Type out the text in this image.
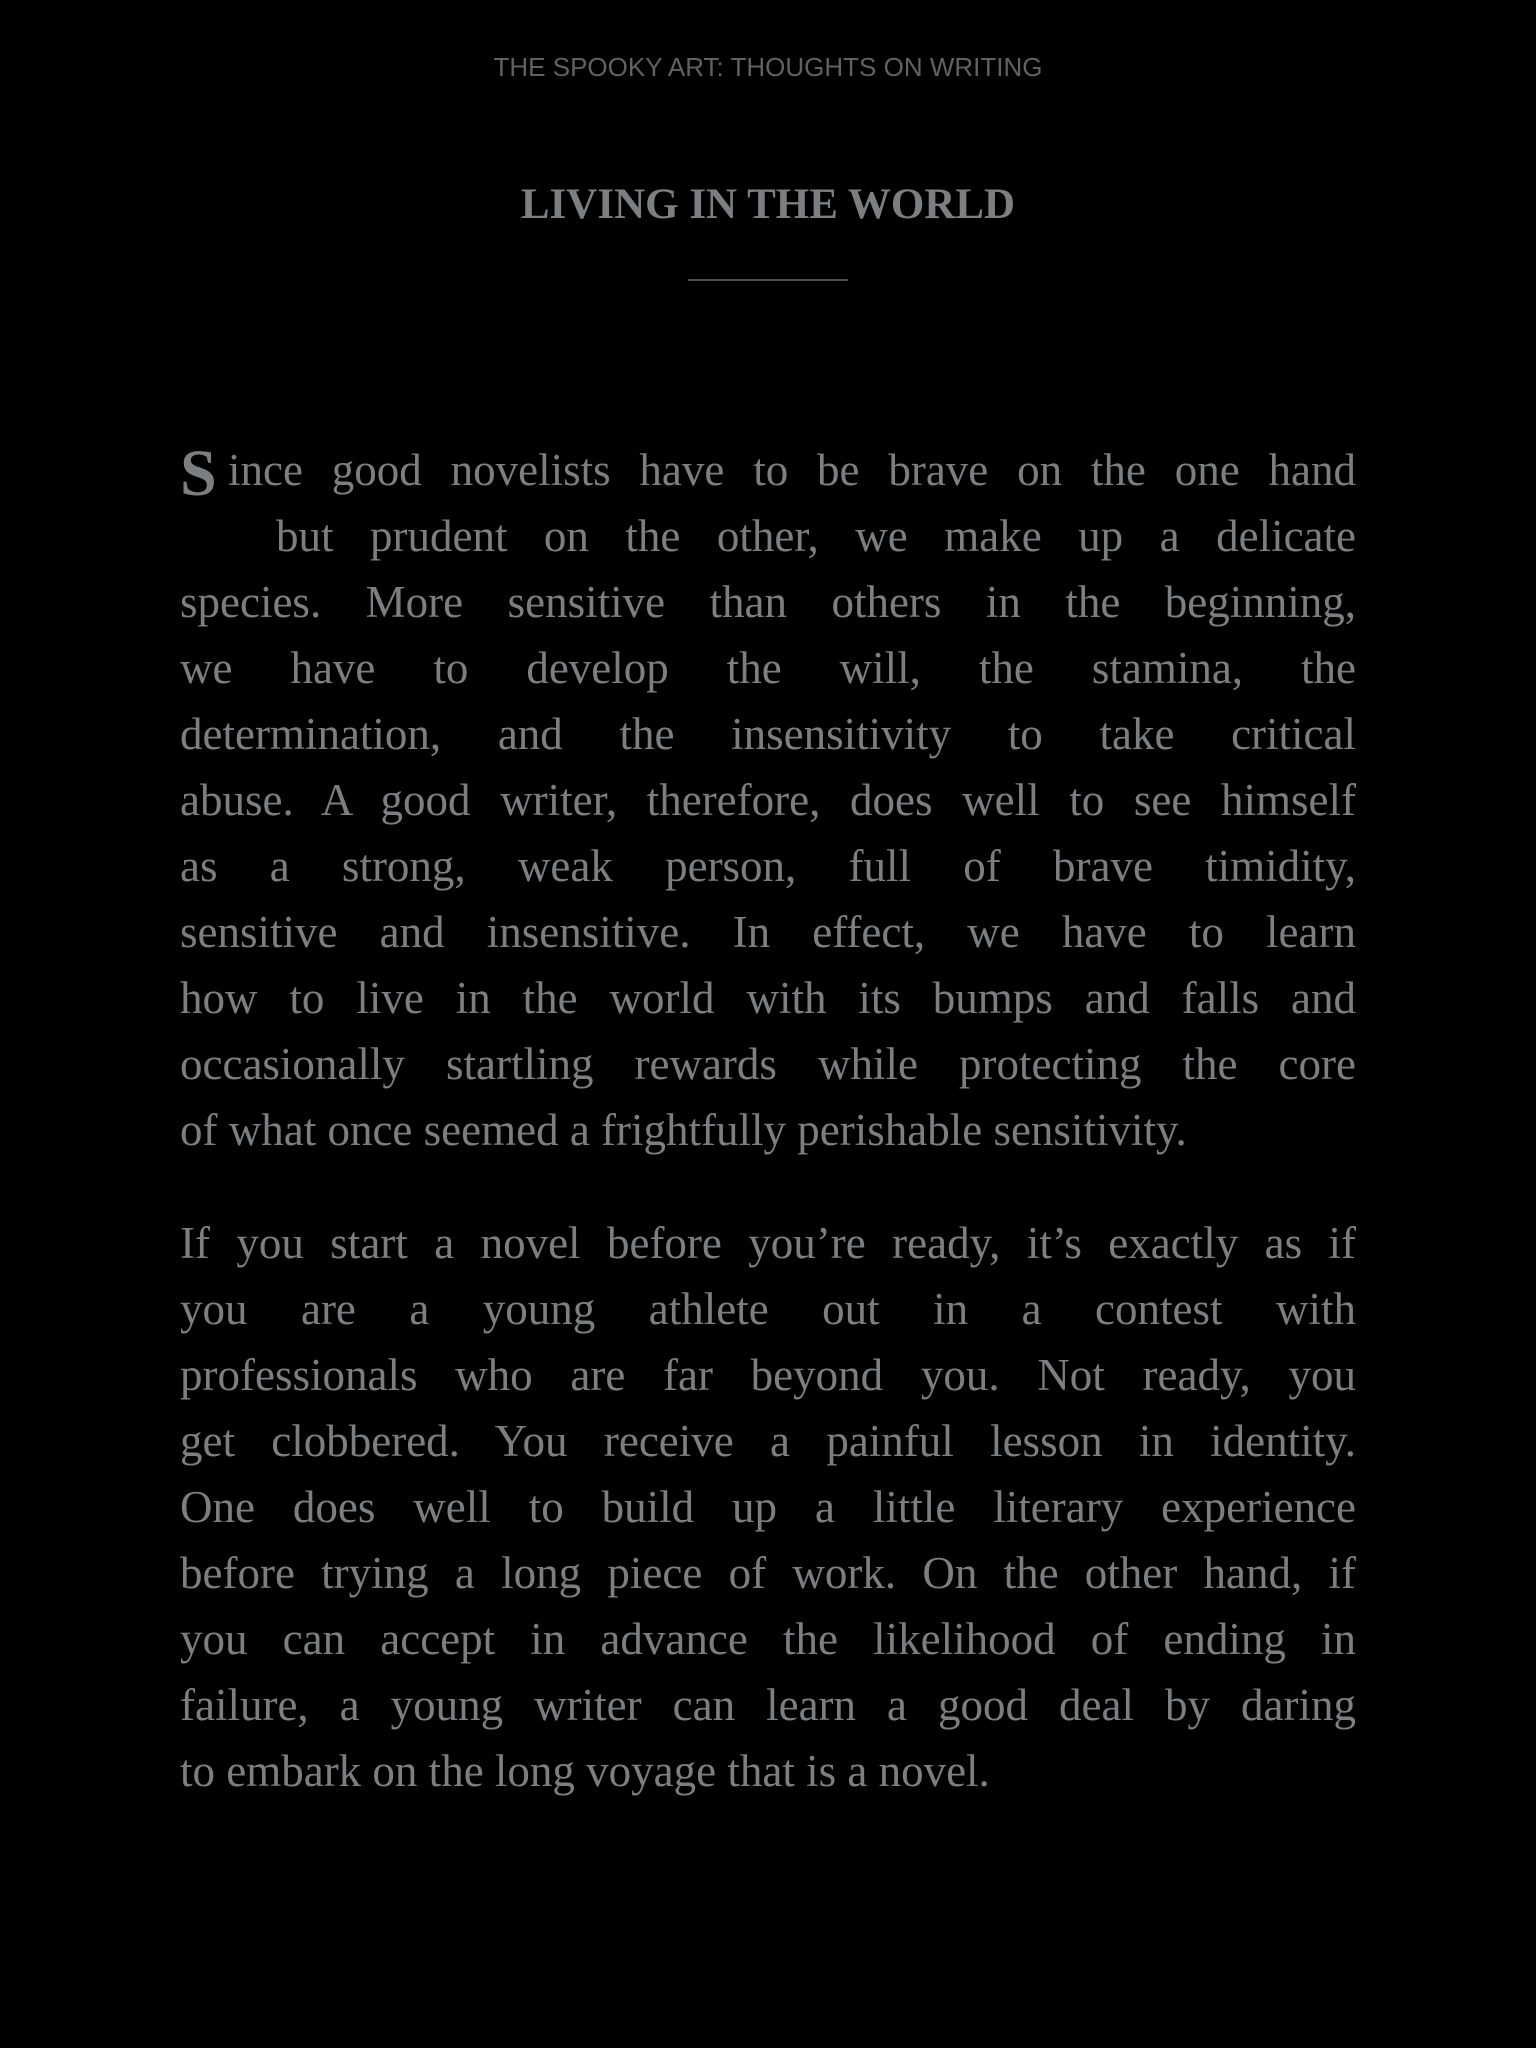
THE SPOOKY ART: THOUGHTS ON WRITING
LIVING IN THE WORLD
S ince good novelists have to be brave on the one hand
but prudent on the other, we make up a delicate
species. More sensitive than others in the beginning,
we have to develop the will, the stamina, the
determination, and the insensitivity to take critical
abuse. A good writer, therefore, does well to see himself
as a strong, weak person, full of brave timidity,
sensitive and insensitive. In effect, we have to learn
how to live in the world with its bumps and falls and
occasionally startling rewards while protecting the core
of what once seemed a frightfully perishable sensitivity.
If you start a novel before you’re ready, it’s exactly as if
you are a young athlete out in a contest with
professionals who are far beyond you. Not ready, you
get clobbered. You receive a painful lesson in identity.
One does well to build up a little literary experience
before trying a long piece of work. On the other hand, if
you can accept in advance the likelihood of ending in
failure, a young writer can learn a good deal by daring
to embark on the long voyage that is a novel.
